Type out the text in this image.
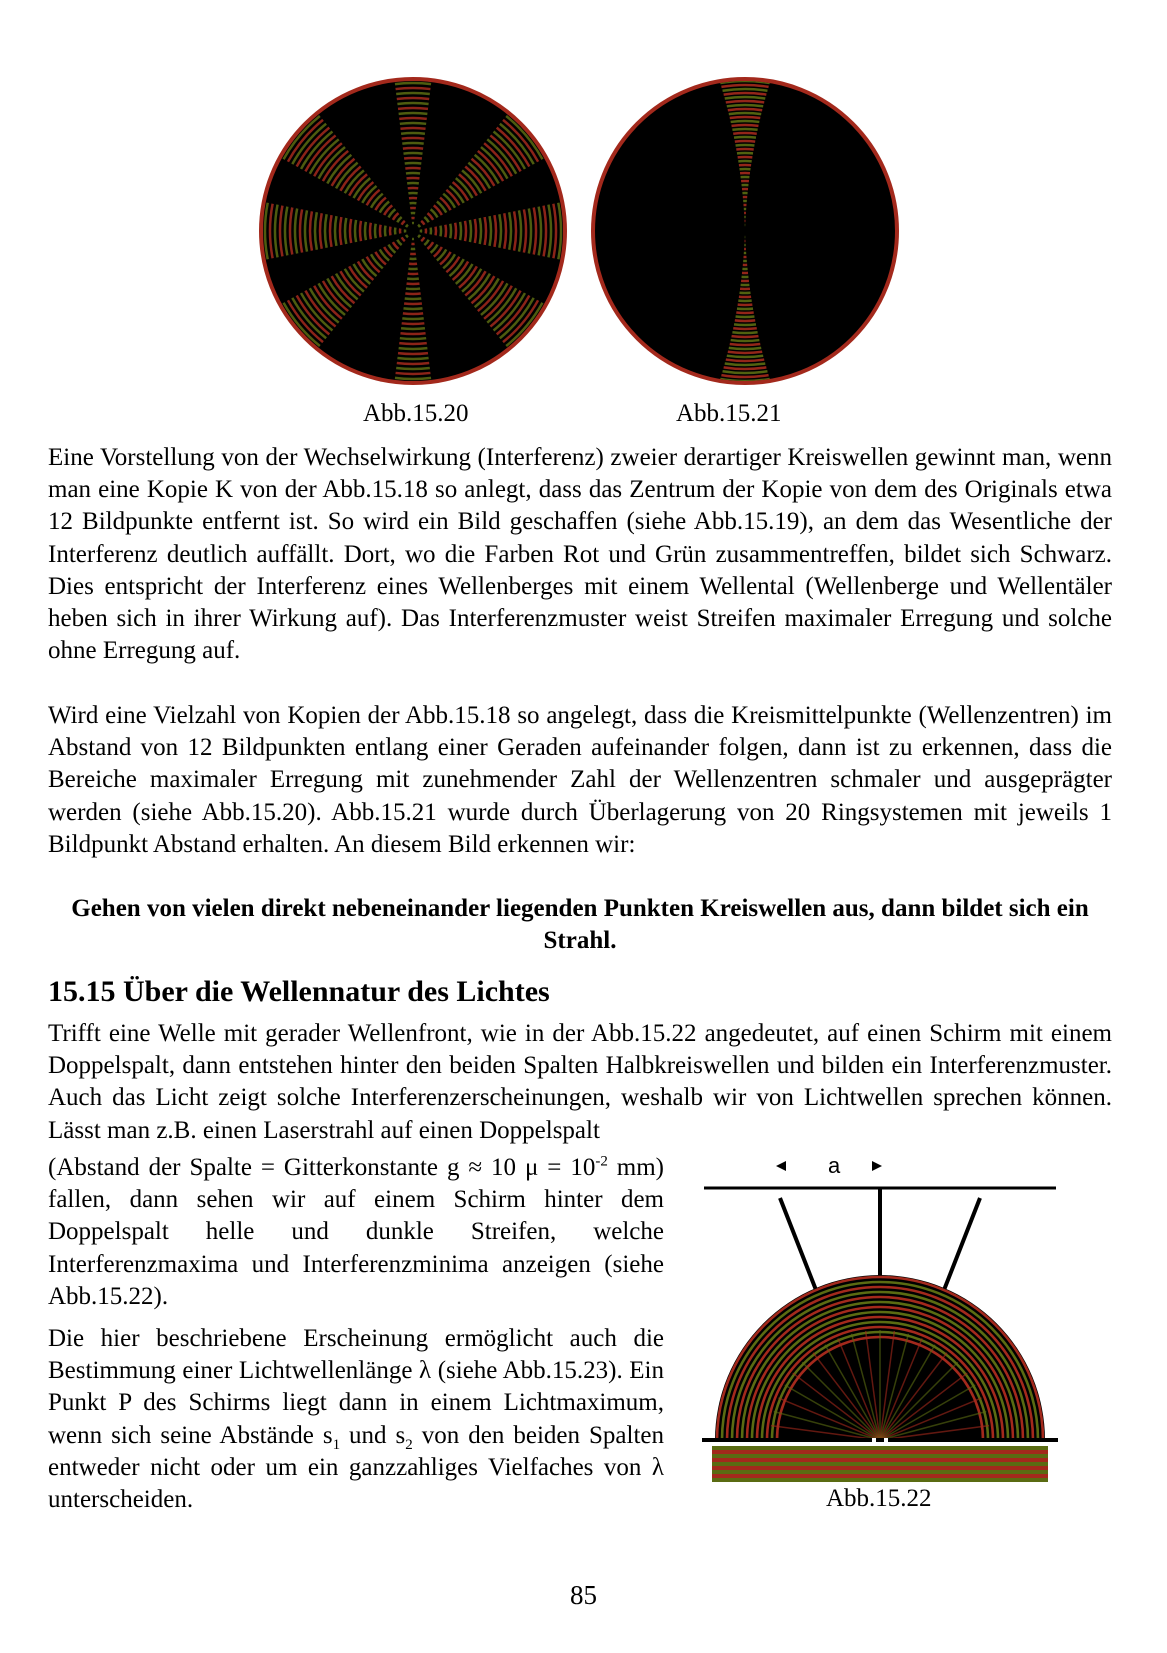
Abb.15.20	Abb.15.21

Eine Vorstellung von der Wechselwirkung (Interferenz) zweier derartiger Kreiswellen gewinnt man, wenn man eine Kopie K von der Abb.15.18 so anlegt, dass das Zentrum der Kopie von dem des Originals etwa 12 Bildpunkte entfernt ist. So wird ein Bild geschaffen (siehe Abb.15.19), an dem das Wesentliche der Interferenz deutlich auffällt. Dort, wo die Farben Rot und Grün zusammentreffen, bildet sich Schwarz. Dies entspricht der Interferenz eines Wellenberges mit einem Wellental (Wellenberge und Wellentäler heben sich in ihrer Wirkung auf). Das Interferenzmuster weist Streifen maximaler Erregung und solche ohne Erregung auf.

Wird eine Vielzahl von Kopien der Abb.15.18 so angelegt, dass die Kreismittelpunkte (Wellenzentren) im Abstand von 12 Bildpunkten entlang einer Geraden aufeinander folgen, dann ist zu erkennen, dass die Bereiche maximaler Erregung mit zunehmender Zahl der Wellenzentren schmaler und ausgeprägter werden (siehe Abb.15.20). Abb.15.21 wurde durch Überlagerung von 20 Ringsystemen mit jeweils 1 Bildpunkt Abstand erhalten. An diesem Bild erkennen wir:

Gehen von vielen direkt nebeneinander liegenden Punkten Kreiswellen aus, dann bildet sich ein Strahl.

15.15 Über die Wellennatur des Lichtes

Trifft eine Welle mit gerader Wellenfront, wie in der Abb.15.22 angedeutet, auf einen Schirm mit einem Doppelspalt, dann entstehen hinter den beiden Spalten Halbkreiswellen und bilden ein Interferenzmuster. Auch das Licht zeigt solche Interferenzerscheinungen, weshalb wir von Lichtwellen sprechen können. Lässt man z.B. einen Laserstrahl auf einen Doppelspalt

(Abstand der Spalte = Gitterkonstante g ≈ 10 $\mu = 10^{-2}$ mm) fallen, dann sehen wir auf einem Schirm hinter dem Doppelspalt helle und dunkle Streifen, welche Interferenzmaxima und Interferenzminima anzeigen (siehe Abb.15.22).

Die hier beschriebene Erscheinung ermöglicht auch die Bestimmung einer Lichtwellenlänge λ (siehe Abb.15.23). Ein Punkt P des Schirms liegt dann in einem Lichtmaximum, wenn sich seine Abstände $s_1$ und $s_2$ von den beiden Spalten entweder nicht oder um ein ganzzahliges Vielfaches von λ unterscheiden.

a
Abb.15.22
85
